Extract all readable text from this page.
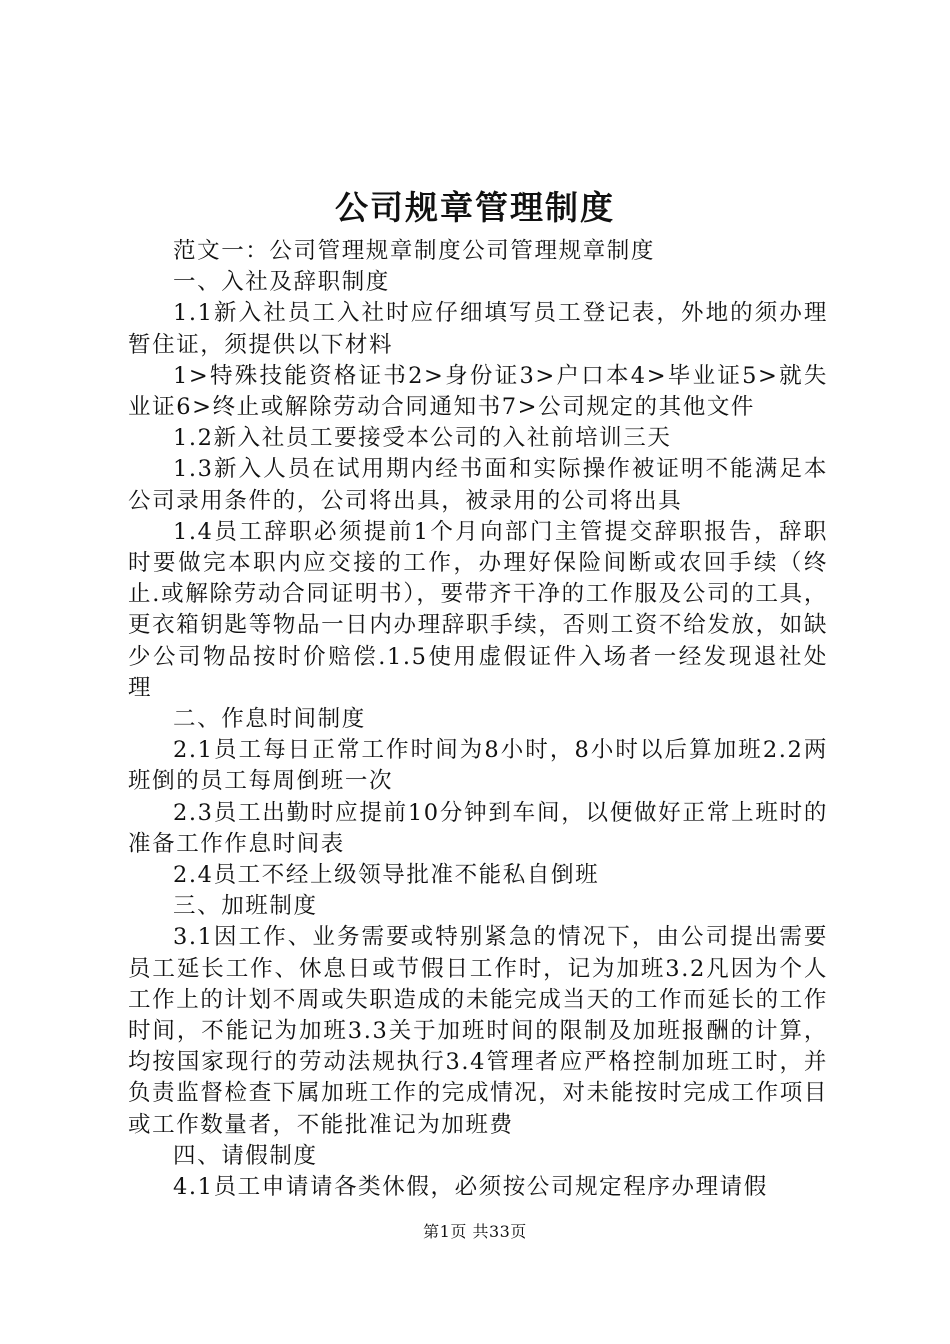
公司规章管理制度

范文一：公司管理规章制度公司管理规章制度

一、入社及辞职制度

1.1新入社员工入社时应仔细填写员工登记表，外地的须办理暂住证，须提供以下材料

1>特殊技能资格证书2>身份证3>户口本4>毕业证5>就失业证6>终止或解除劳动合同通知书7>公司规定的其他文件

1.2新入社员工要接受本公司的入社前培训三天

1.3新入人员在试用期内经书面和实际操作被证明不能满足本公司录用条件的，公司将出具，被录用的公司将出具

1.4员工辞职必须提前1个月向部门主管提交辞职报告，辞职时要做完本职内应交接的工作，办理好保险间断或农回手续（终止.或解除劳动合同证明书），要带齐干净的工作服及公司的工具，更衣箱钥匙等物品一日内办理辞职手续，否则工资不给发放，如缺少公司物品按时价赔偿.1.5使用虚假证件入场者一经发现退社处理

二、作息时间制度

2.1员工每日正常工作时间为8小时，8小时以后算加班2.2两班倒的员工每周倒班一次

2.3员工出勤时应提前10分钟到车间，以便做好正常上班时的准备工作作息时间表

2.4员工不经上级领导批准不能私自倒班

三、加班制度

3.1因工作、业务需要或特别紧急的情况下，由公司提出需要员工延长工作、休息日或节假日工作时，记为加班3.2凡因为个人工作上的计划不周或失职造成的未能完成当天的工作而延长的工作时间，不能记为加班3.3关于加班时间的限制及加班报酬的计算，均按国家现行的劳动法规执行3.4管理者应严格控制加班工时，并负责监督检查下属加班工作的完成情况，对未能按时完成工作项目或工作数量者，不能批准记为加班费

四、请假制度

4.1员工申请请各类休假，必须按公司规定程序办理请假

第1页 共33页
